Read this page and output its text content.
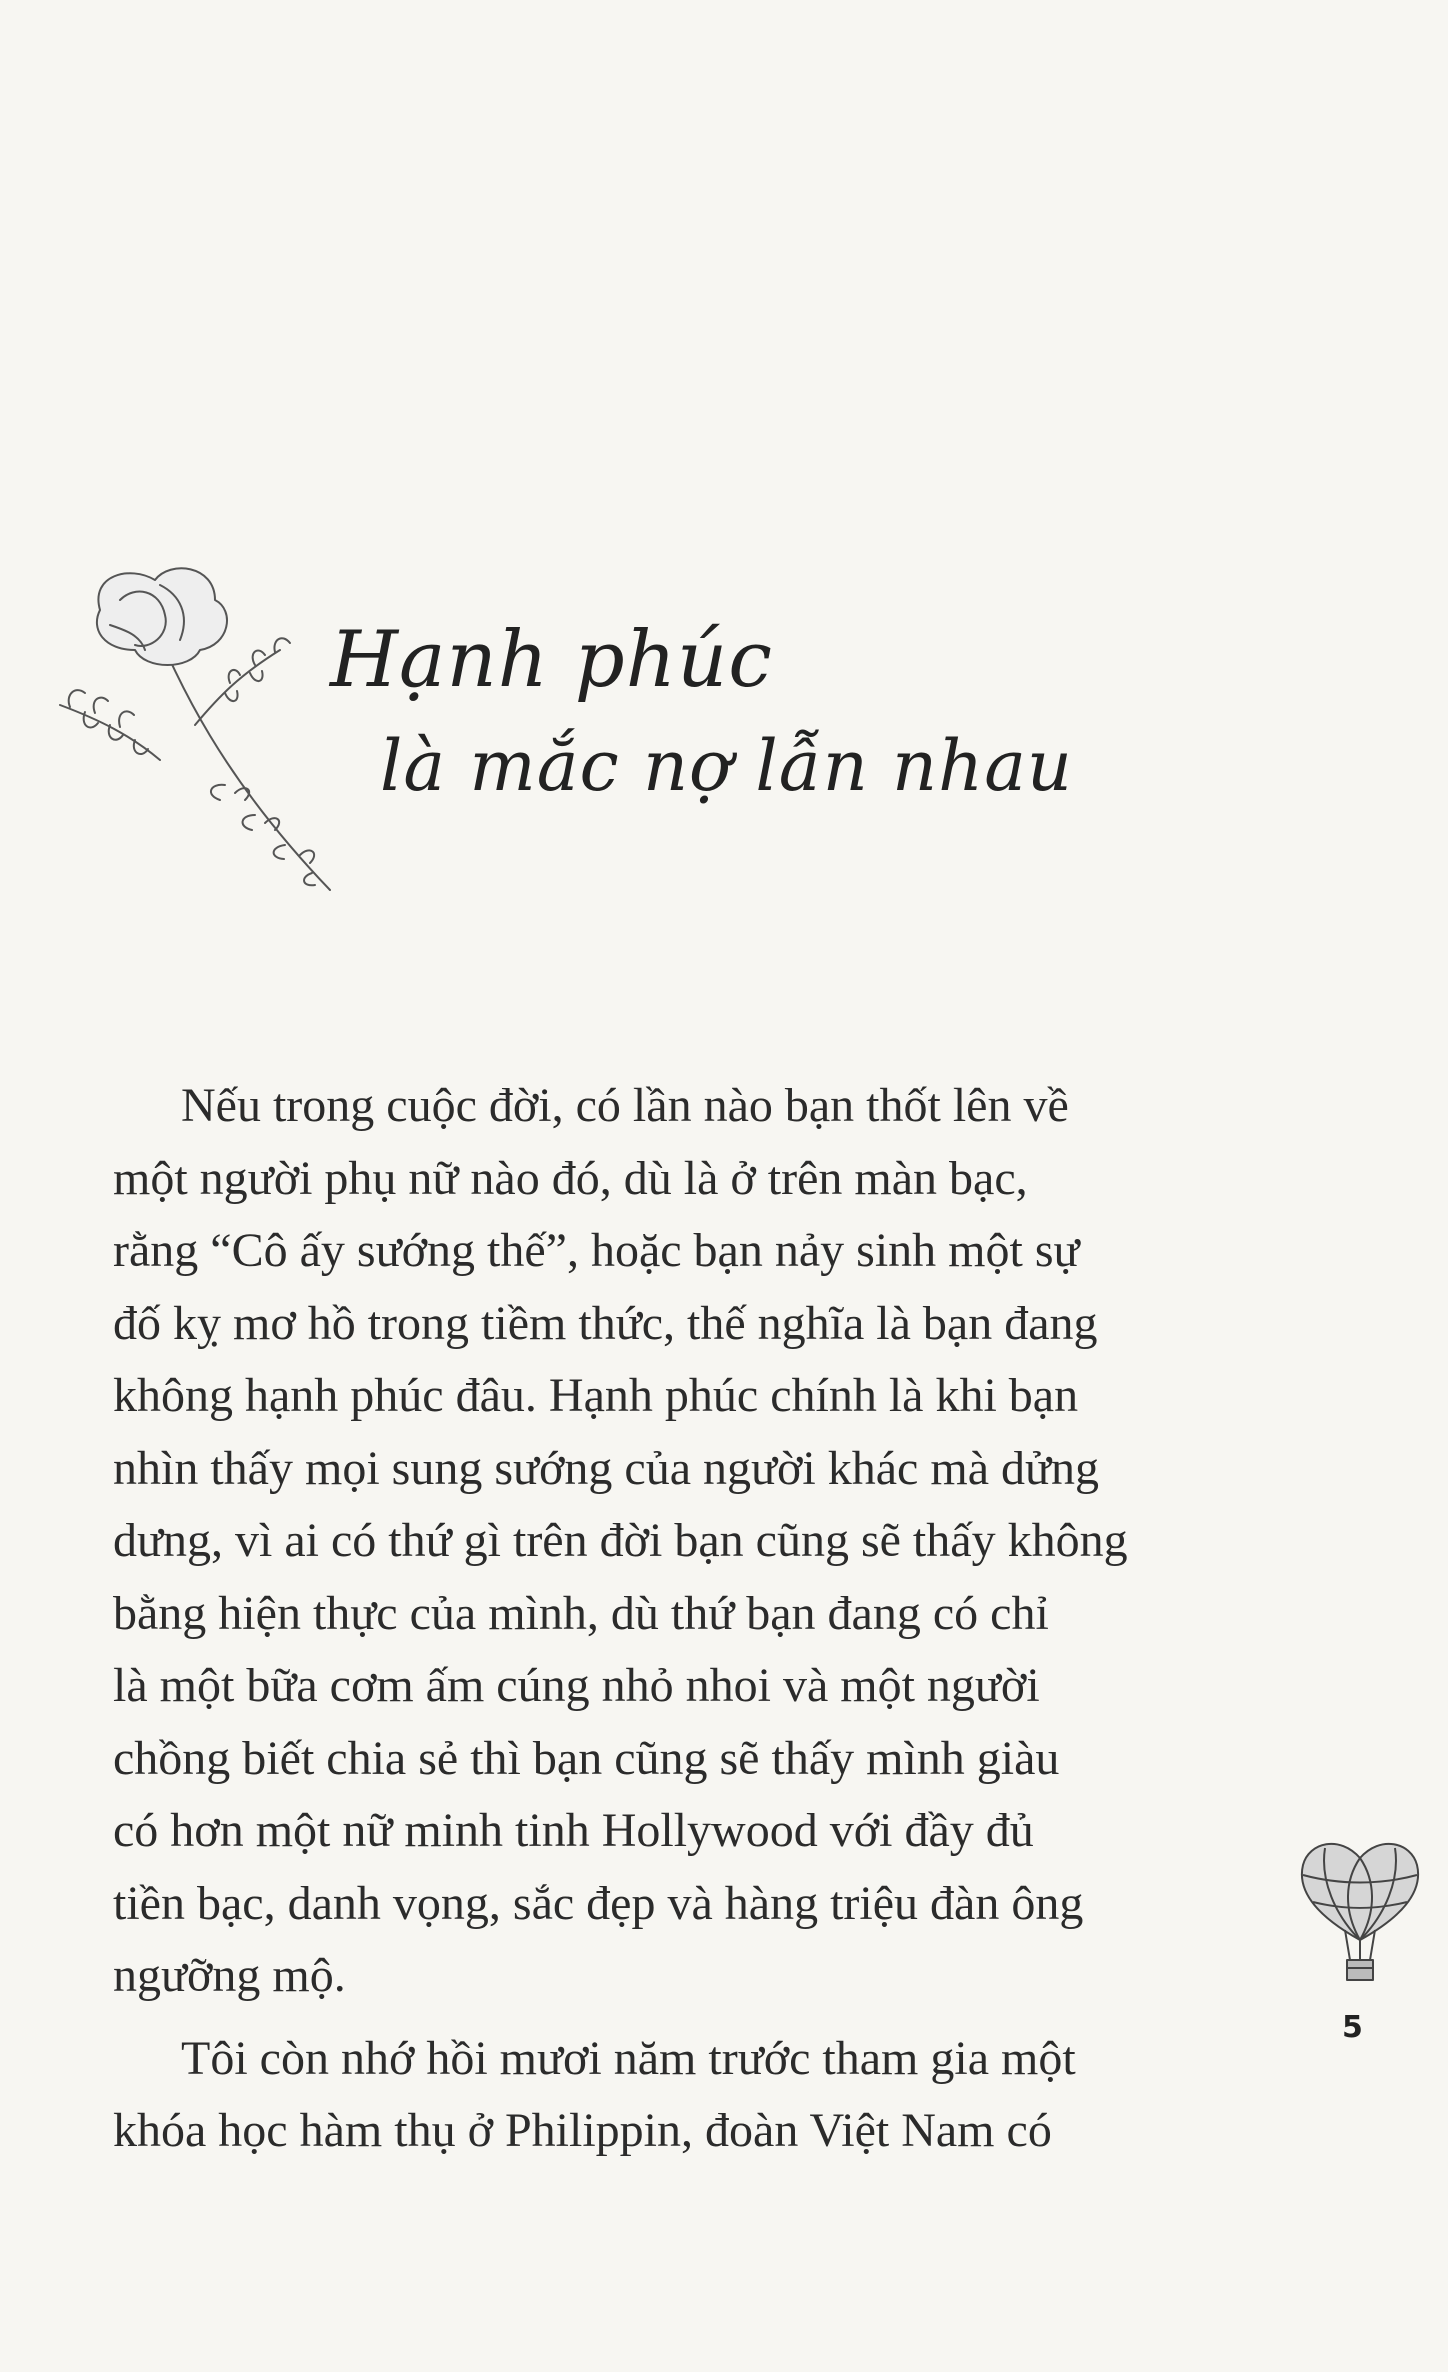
Hạnh phúc
là mắc nợ lẫn nhau
Nếu trong cuộc đời, có lần nào bạn thốt lên về
một người phụ nữ nào đó, dù là ở trên màn bạc,
rằng “Cô ấy sướng thế”, hoặc bạn nảy sinh một sự
đố kỵ mơ hồ trong tiềm thức, thế nghĩa là bạn đang
không hạnh phúc đâu. Hạnh phúc chính là khi bạn
nhìn thấy mọi sung sướng của người khác mà dửng
dưng, vì ai có thứ gì trên đời bạn cũng sẽ thấy không
bằng hiện thực của mình, dù thứ bạn đang có chỉ
là một bữa cơm ấm cúng nhỏ nhoi và một người
chồng biết chia sẻ thì bạn cũng sẽ thấy mình giàu
có hơn một nữ minh tinh Hollywood với đầy đủ
tiền bạc, danh vọng, sắc đẹp và hàng triệu đàn ông
ngưỡng mộ.
Tôi còn nhớ hồi mươi năm trước tham gia một
khóa học hàm thụ ở Philippin, đoàn Việt Nam có
5
